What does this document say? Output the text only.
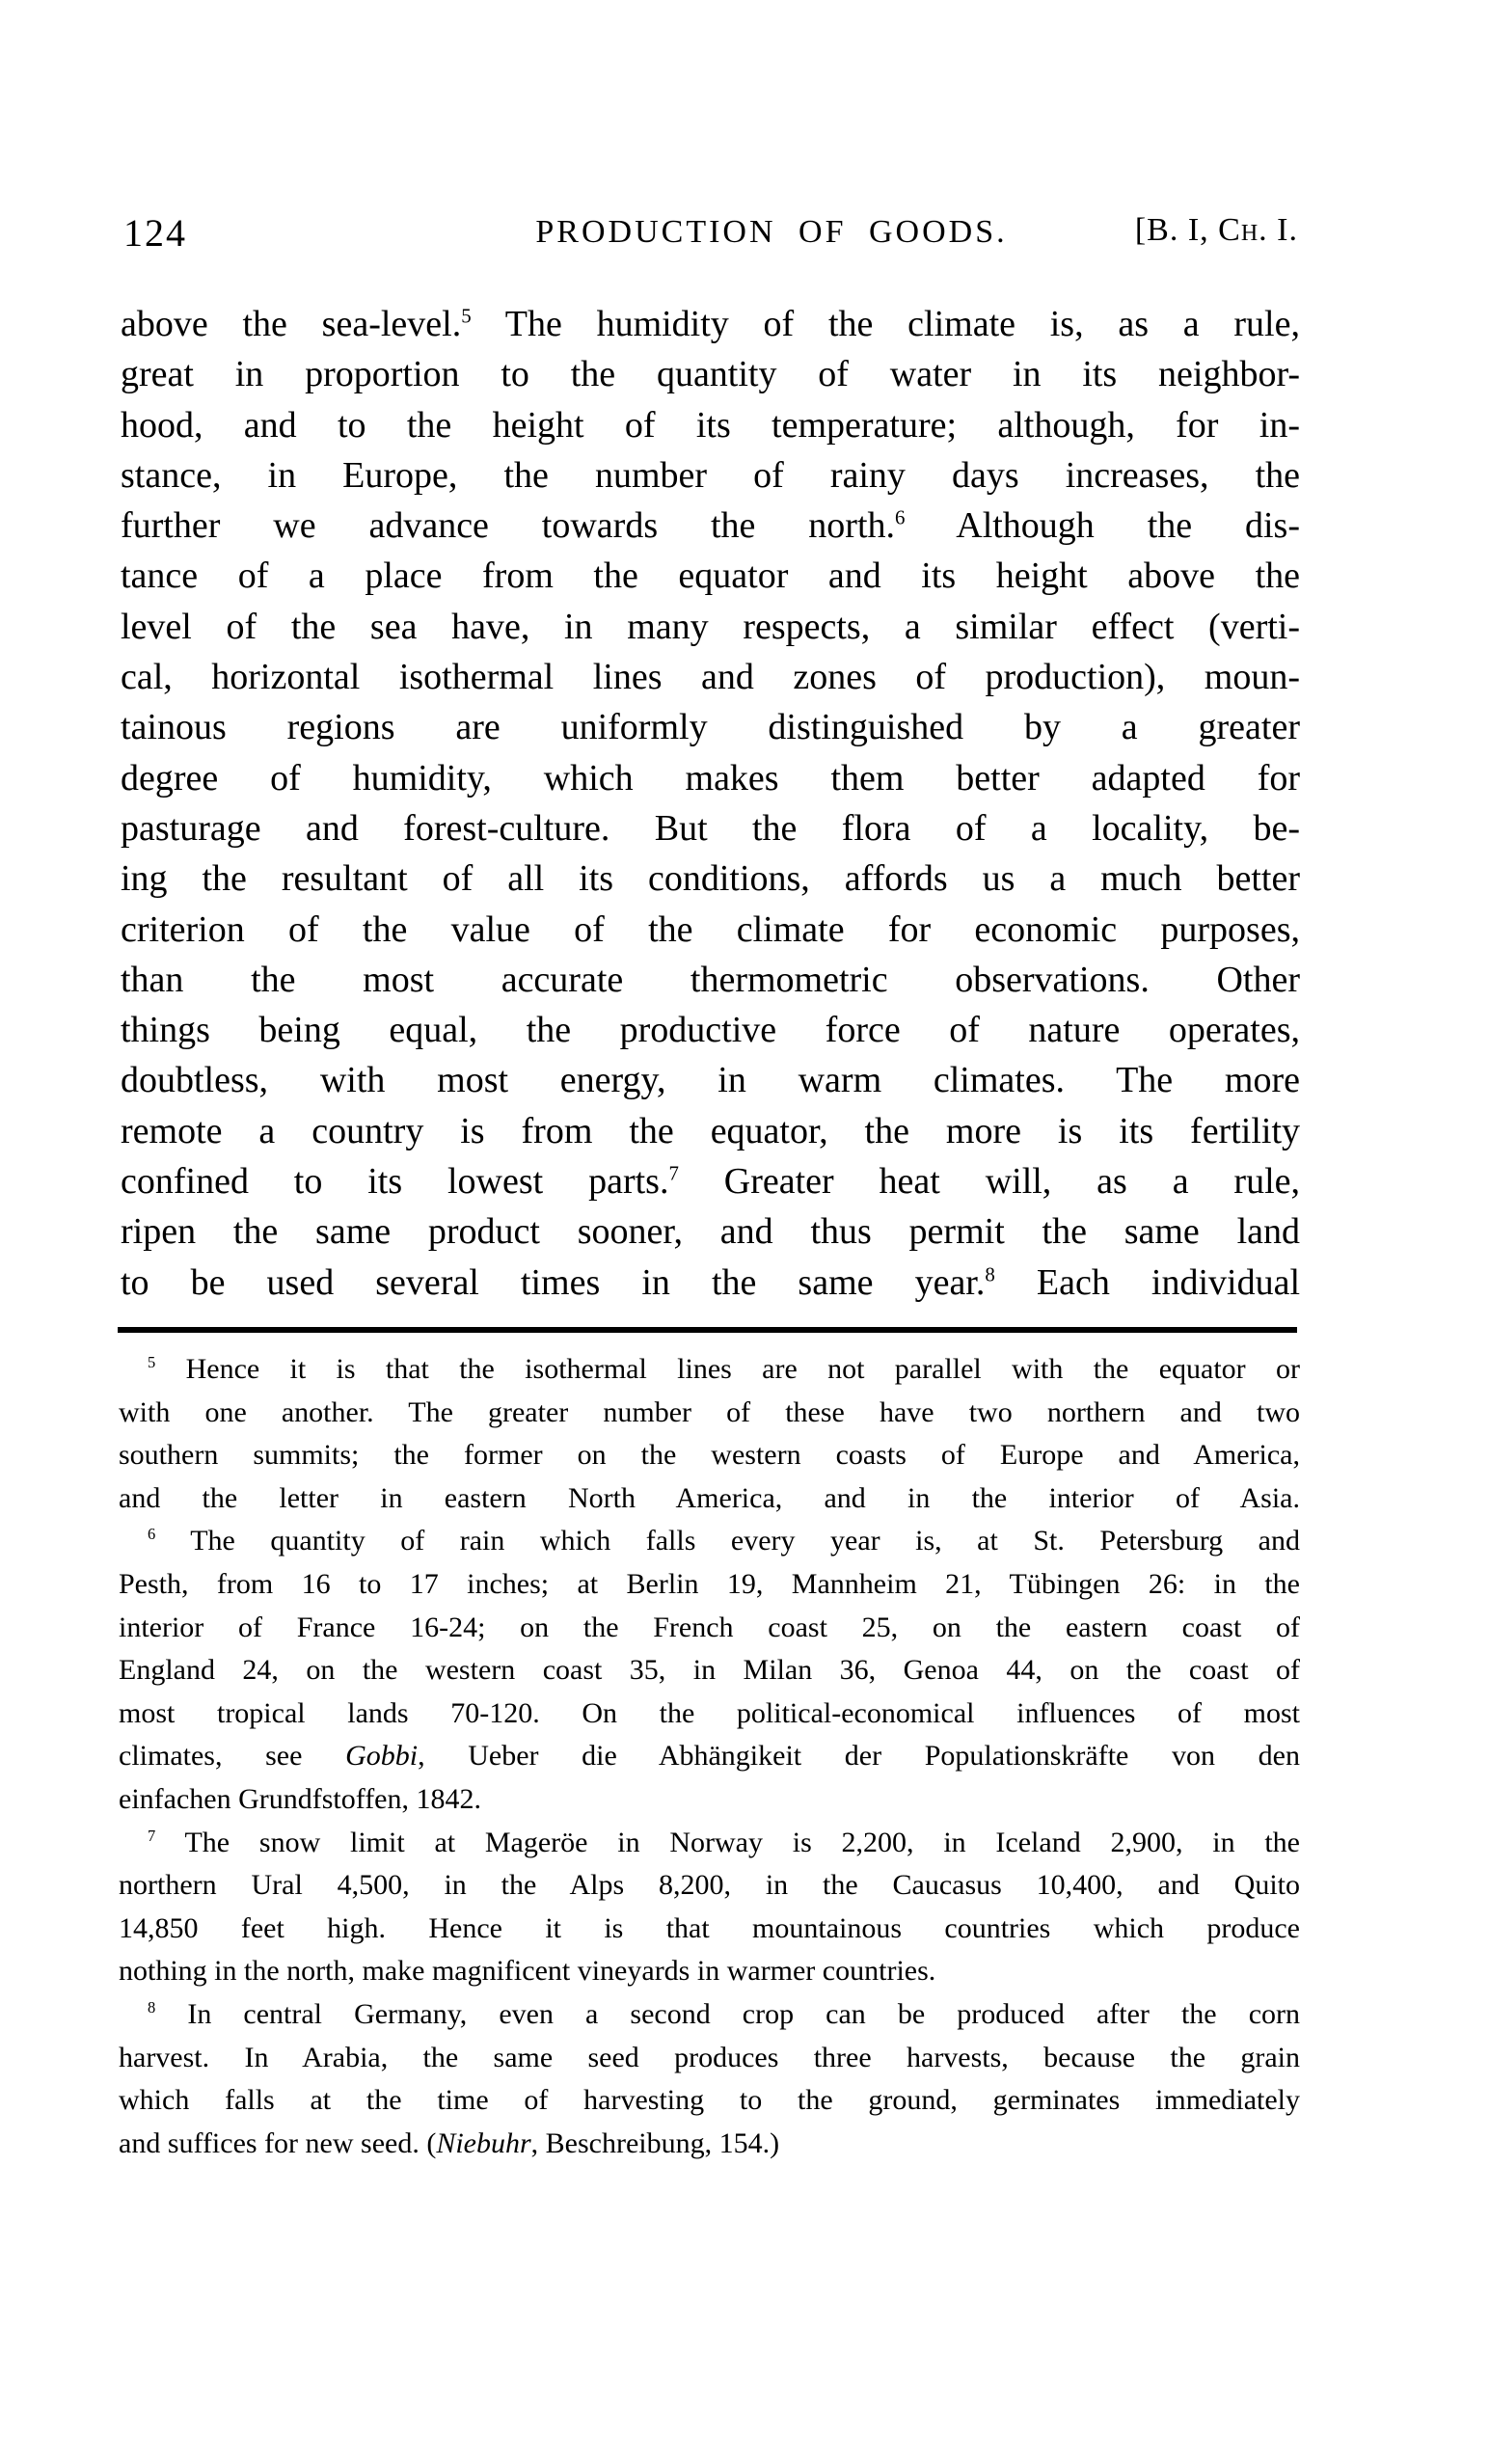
124	PRODUCTION OF GOODS.	[B. I, Ch. I.
above the sea-level.$^5$ The humidity of the climate is, as a rule,
great in proportion to the quantity of water in its neighbor-
hood, and to the height of its temperature; although, for in-
stance, in Europe, the number of rainy days increases, the
further we advance towards the north.$^6$ Although the dis-
tance of a place from the equator and its height above the
level of the sea have, in many respects, a similar effect (verti-
cal, horizontal isothermal lines and zones of production), moun-
tainous regions are uniformly distinguished by a greater
degree of humidity, which makes them better adapted for
pasturage and forest-culture. But the flora of a locality, be-
ing the resultant of all its conditions, affords us a much better
criterion of the value of the climate for economic purposes,
than the most accurate thermometric observations. Other
things being equal, the productive force of nature operates,
doubtless, with most energy, in warm climates. The more
remote a country is from the equator, the more is its fertility
confined to its lowest parts.$^7$ Greater heat will, as a rule,
ripen the same product sooner, and thus permit the same land
to be used several times in the same year.$^8$ Each individual
$^5$ Hence it is that the isothermal lines are not parallel with the equator or
with one another. The greater number of these have two northern and two
southern summits; the former on the western coasts of Europe and America,
and the letter in eastern North America, and in the interior of Asia.
$^6$ The quantity of rain which falls every year is, at St. Petersburg and
Pesth, from 16 to 17 inches; at Berlin 19, Mannheim 21, Tübingen 26: in the
interior of France 16-24; on the French coast 25, on the eastern coast of
England 24, on the western coast 35, in Milan 36, Genoa 44, on the coast of
most tropical lands 70-120. On the political-economical influences of most
climates, see Gobbi, Ueber die Abhängikeit der Populationskräfte von den
einfachen Grundfstoffen, 1842.
$^7$ The snow limit at Mageröe in Norway is 2,200, in Iceland 2,900, in the
northern Ural 4,500, in the Alps 8,200, in the Caucasus 10,400, and Quito
14,850 feet high. Hence it is that mountainous countries which produce
nothing in the north, make magnificent vineyards in warmer countries.
$^8$ In central Germany, even a second crop can be produced after the corn
harvest. In Arabia, the same seed produces three harvests, because the grain
which falls at the time of harvesting to the ground, germinates immediately
and suffices for new seed. (Niebuhr, Beschreibung, 154.)
